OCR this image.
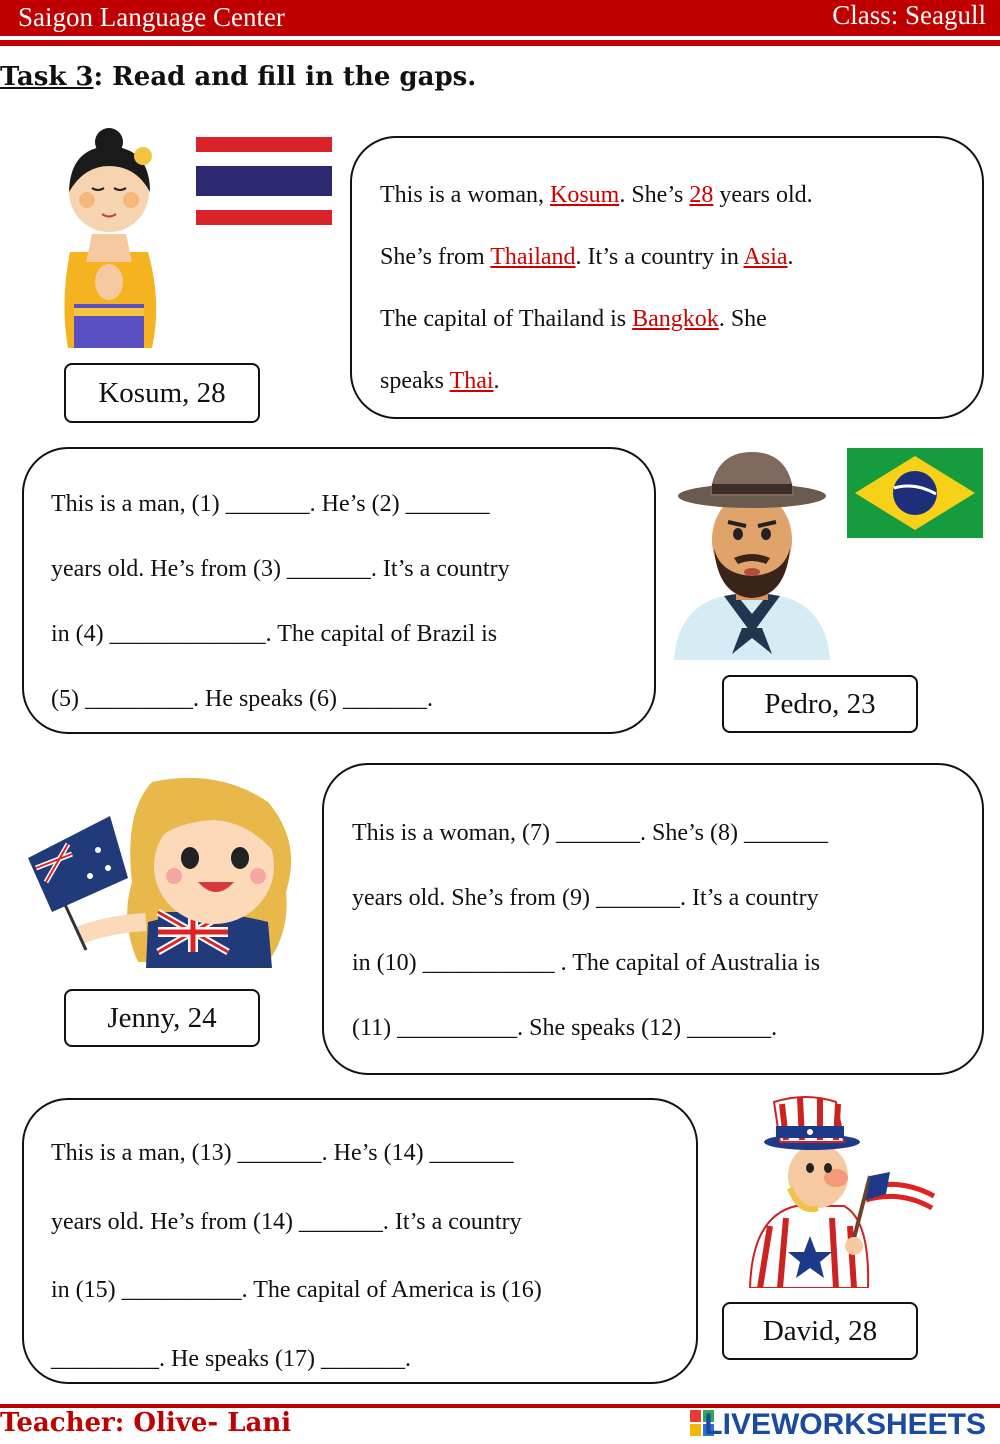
Saigon Language Center	Class: Seagull
Task 3: Read and fill in the gaps.
Kosum, 28
This is a woman, Kosum. She’s 28 years old.
She’s from Thailand. It’s a country in Asia.
The capital of Thailand is Bangkok. She
speaks Thai.
This is a man, (1) _______. He’s (2) _______
years old. He’s from (3) _______. It’s a country
in (4) _____________. The capital of Brazil is
(5) _________. He speaks (6) _______.	Pedro, 23
Jenny, 24
This is a woman, (7) _______. She’s (8) _______
years old. She’s from (9) _______. It’s a country
in (10) ___________ . The capital of Australia is
(11) __________. She speaks (12) _______.
This is a man, (13) _______. He’s (14) _______
years old. He’s from (14) _______. It’s a country
in (15) __________. The capital of America is (16)
_________. He speaks (17) _______.
David, 28
Teacher: Olive- Lani	LIVEWORKSHEETS
